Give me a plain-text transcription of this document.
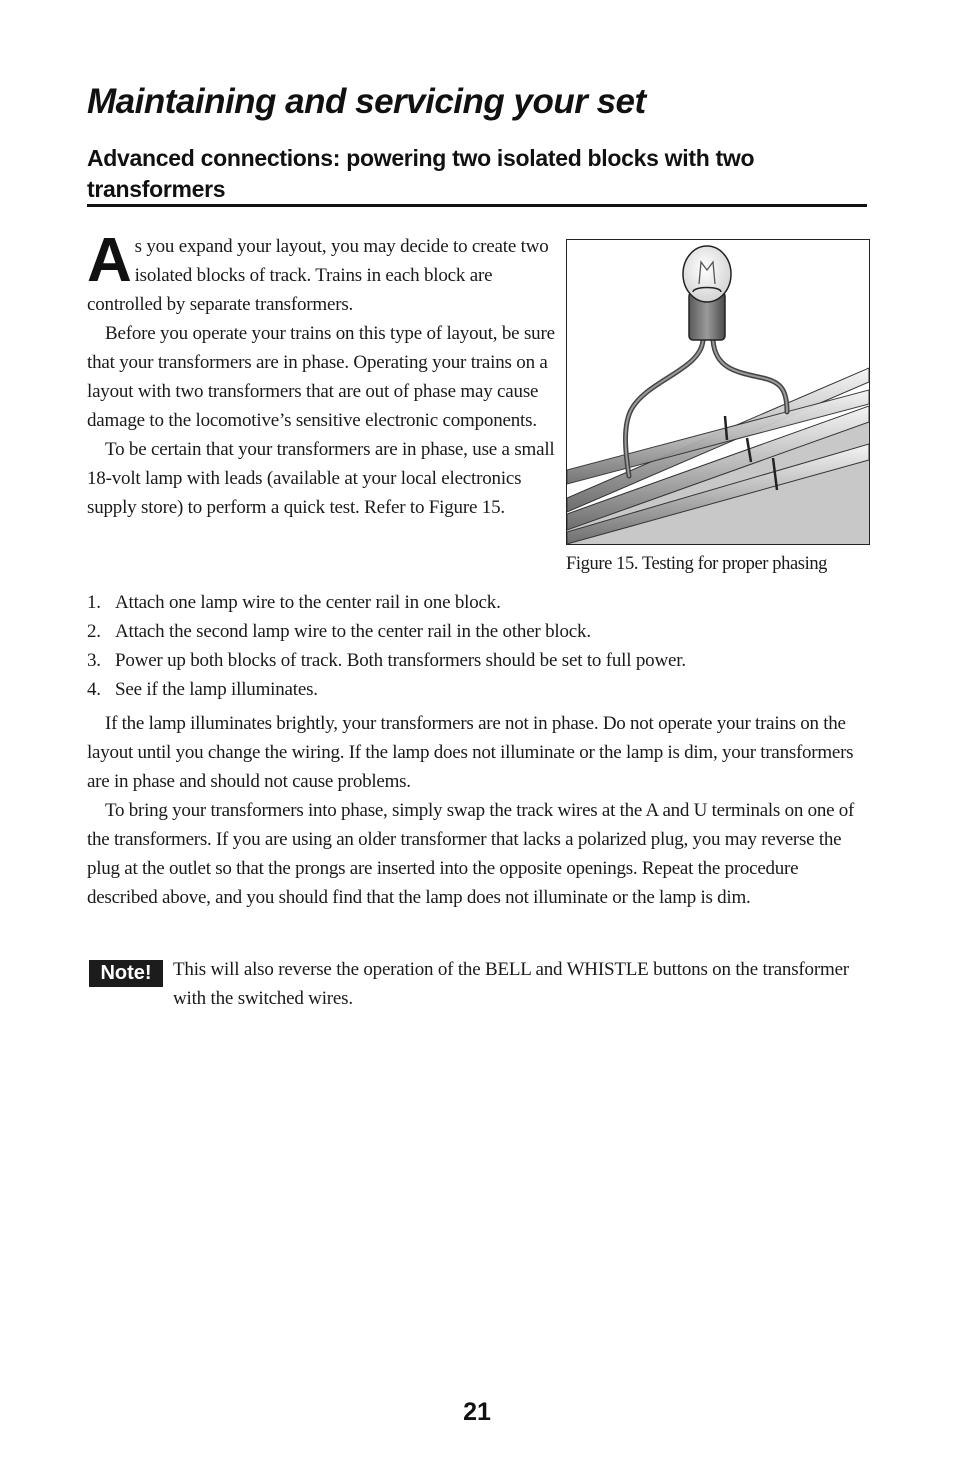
Maintaining and servicing your set
Advanced connections: powering two isolated blocks with two transformers

As you expand your layout, you may decide to create two isolated blocks of track. Trains in each block are controlled by separate transformers.

Before you operate your trains on this type of layout, be sure that your transformers are in phase. Operating your trains on a layout with two transformers that are out of phase may cause damage to the locomotive’s sensitive electronic components.

To be certain that your transformers are in phase, use a small 18-volt lamp with leads (available at your local electronics supply store) to perform a quick test. Refer to Figure 15.

Figure 15. Testing for proper phasing
1. Attach one lamp wire to the center rail in one block.
2. Attach the second lamp wire to the center rail in the other block.
3. Power up both blocks of track. Both transformers should be set to full power.
4. See if the lamp illuminates.

If the lamp illuminates brightly, your transformers are not in phase. Do not operate your trains on the layout until you change the wiring. If the lamp does not illuminate or the lamp is dim, your transformers are in phase and should not cause problems.

To bring your transformers into phase, simply swap the track wires at the A and U terminals on one of the transformers. If you are using an older transformer that lacks a polarized plug, you may reverse the plug at the outlet so that the prongs are inserted into the opposite openings. Repeat the procedure described above, and you should find that the lamp does not illuminate or the lamp is dim.

Note!	This will also reverse the operation of the BELL and WHISTLE buttons on the transformer with the switched wires.
21
